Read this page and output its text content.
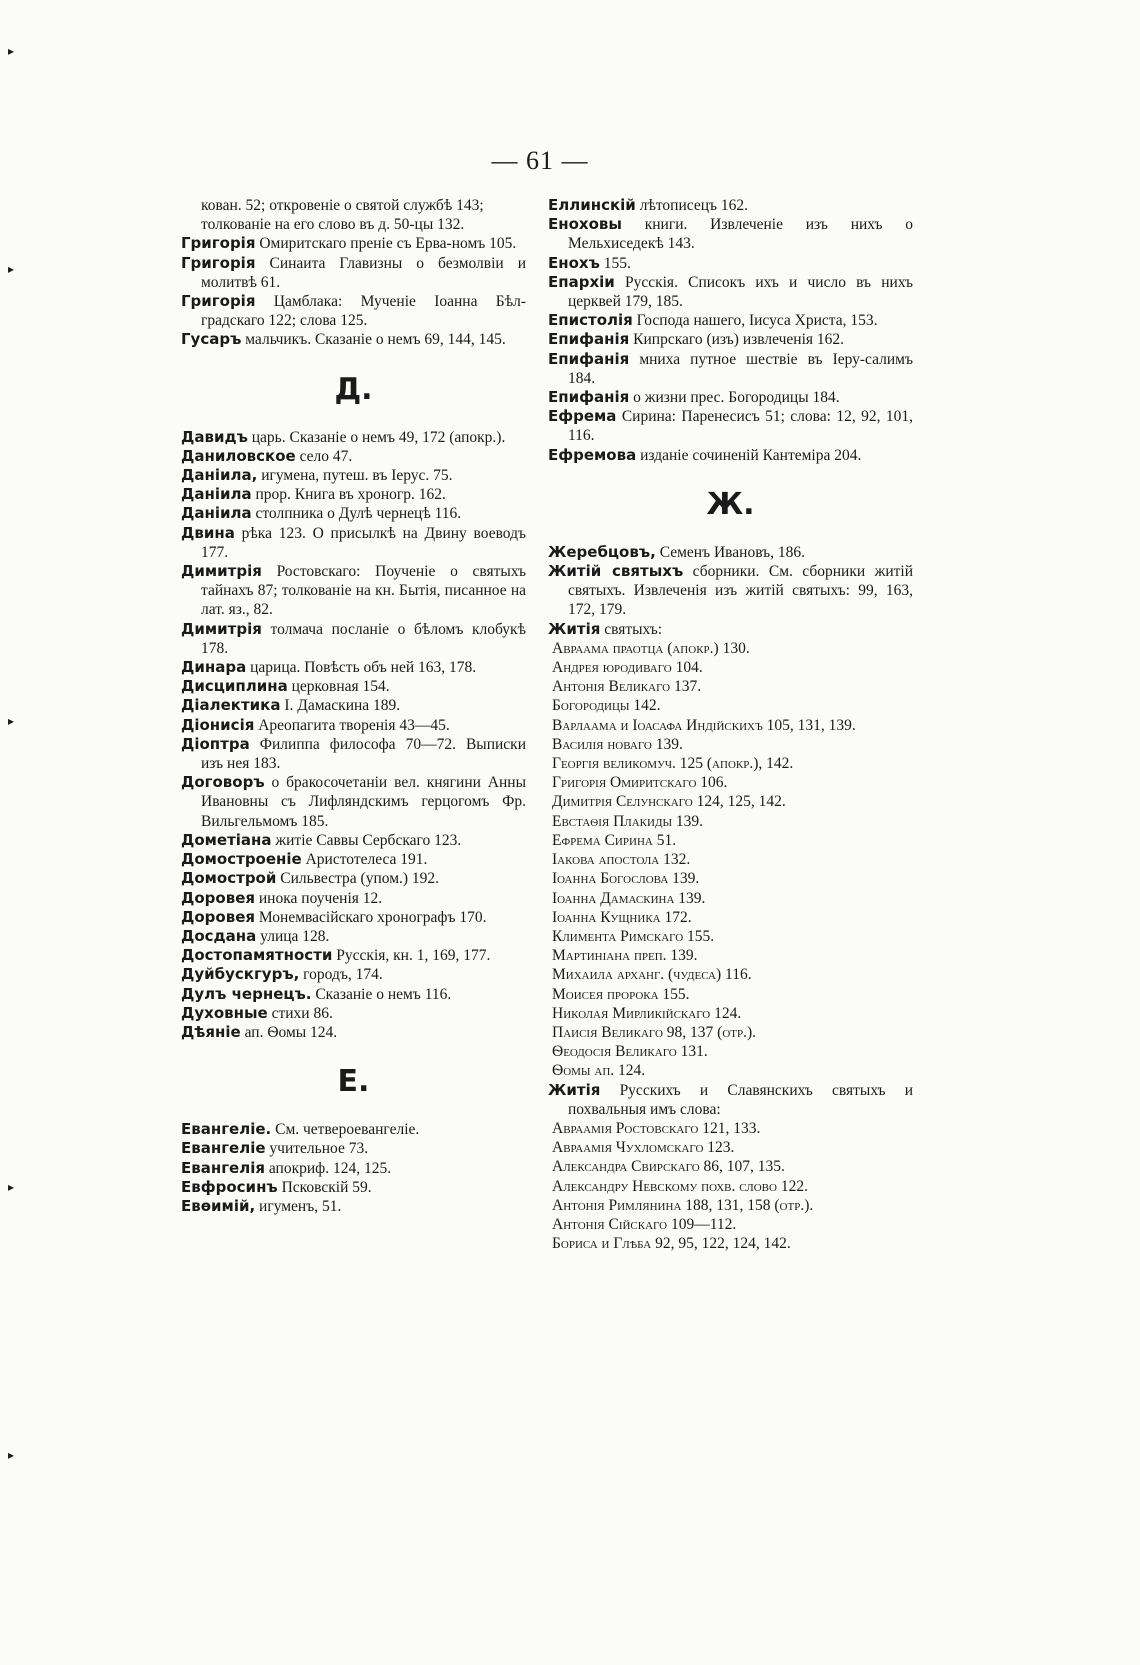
▸
▸
▸
▸
▸
— 61 —
кован. 52; откровеніе о святой службѣ 143;
толкованіе на его слово въ д. 50-цы 132.
Григорія Омиритскаго преніе съ Ерва-номъ 105.
Григорія Синаита Главизны о безмолвіи и молитвѣ 61.
Григорія Цамблака: Мученіе Іоанна Бѣл-градскаго 122; слова 125.
Гусаръ мальчикъ. Сказаніе о немъ 69, 144, 145.
Д.
Давидъ царь. Сказаніе о немъ 49, 172 (апокр.).
Даниловское село 47.
Даніила, игумена, путеш. въ Іерус. 75.
Даніила прор. Книга въ хроногр. 162.
Даніила столпника о Дулѣ чернецѣ 116.
Двина рѣка 123. О присылкѣ на Двину воеводъ 177.
Димитрія Ростовскаго: Поученіе о святыхъ тайнахъ 87; толкованіе на кн. Бытія, писанное на лат. яз., 82.
Димитрія толмача посланіе о бѣломъ клобукѣ 178.
Динара царица. Повѣсть объ ней 163, 178.
Дисциплина церковная 154.
Діалектика I. Дамаскина 189.
Діонисія Ареопагита творенія 43—45.
Діоптра Филиппа философа 70—72. Выписки изъ нея 183.
Договоръ о бракосочетаніи вел. княгини Анны Ивановны съ Лифляндскимъ герцогомъ Фр. Вильгельмомъ 185.
Дометіана житіе Саввы Сербскаго 123.
Домостроеніе Аристотелеса 191.
Домострой Сильвестра (упом.) 192.
Доровея инока поученія 12.
Доровея Монемвасійскаго хронографъ 170.
Досдана улица 128.
Достопамятности Русскія, кн. 1, 169, 177.
Дуйбускгуръ, городъ, 174.
Дулъ чернецъ. Сказаніе о немъ 116.
Духовные стихи 86.
Дѣяніе ап. Ѳомы 124.
Е.
Евангеліе. См. четвероевангеліе.
Евангеліе учительное 73.
Евангелія апокриф. 124, 125.
Евфросинъ Псковскій 59.
Евѳимій, игуменъ, 51.
Еллинскій лѣтописецъ 162.
Еноховы книги. Извлеченіе изъ нихъ о Мельхиседекѣ 143.
Енохъ 155.
Епархіи Русскія. Списокъ ихъ и число въ нихъ церквей 179, 185.
Епистолія Господа нашего, Іисуса Христа, 153.
Епифанія Кипрскаго (изъ) извлеченія 162.
Епифанія мниха путное шествіе въ Іеру-салимъ 184.
Епифанія о жизни прес. Богородицы 184.
Ефрема Сирина: Паренесисъ 51; слова: 12, 92, 101, 116.
Ефремова изданіе сочиненій Кантеміра 204.
Ж.
Жеребцовъ, Семенъ Ивановъ, 186.
Житій святыхъ сборники. См. сборники житій святыхъ. Извлеченія изъ житій святыхъ: 99, 163, 172, 179.
Житія святыхъ:
Авраама праотца (апокр.) 130.
Андрея юродиваго 104.
Антонія Великаго 137.
Богородицы 142.
Варлаама и Іоасафа Индійскихъ 105, 131, 139.
Василія новаго 139.
Георгія великомуч. 125 (апокр.), 142.
Григорія Омиритскаго 106.
Димитрія Селунскаго 124, 125, 142.
Евстаѳія Плакиды 139.
Ефрема Сирина 51.
Іакова апостола 132.
Іоанна Богослова 139.
Іоанна Дамаскина 139.
Іоанна Кущника 172.
Климента Римскаго 155.
Мартиніана преп. 139.
Михаила арханг. (чудеса) 116.
Моисея пророка 155.
Николая Мирликійскаго 124.
Паисія Великаго 98, 137 (отр.).
Ѳеодосія Великаго 131.
Ѳомы ап. 124.
Житія Русскихъ и Славянскихъ святыхъ и похвальныя имъ слова:
Авраамія Ростовскаго 121, 133.
Авраамія Чухломскаго 123.
Александра Свирскаго 86, 107, 135.
Александру Невскому похв. слово 122.
Антонія Римлянина 188, 131, 158 (отр.).
Антонія Сійскаго 109—112.
Бориса и Глѣба 92, 95, 122, 124, 142.
